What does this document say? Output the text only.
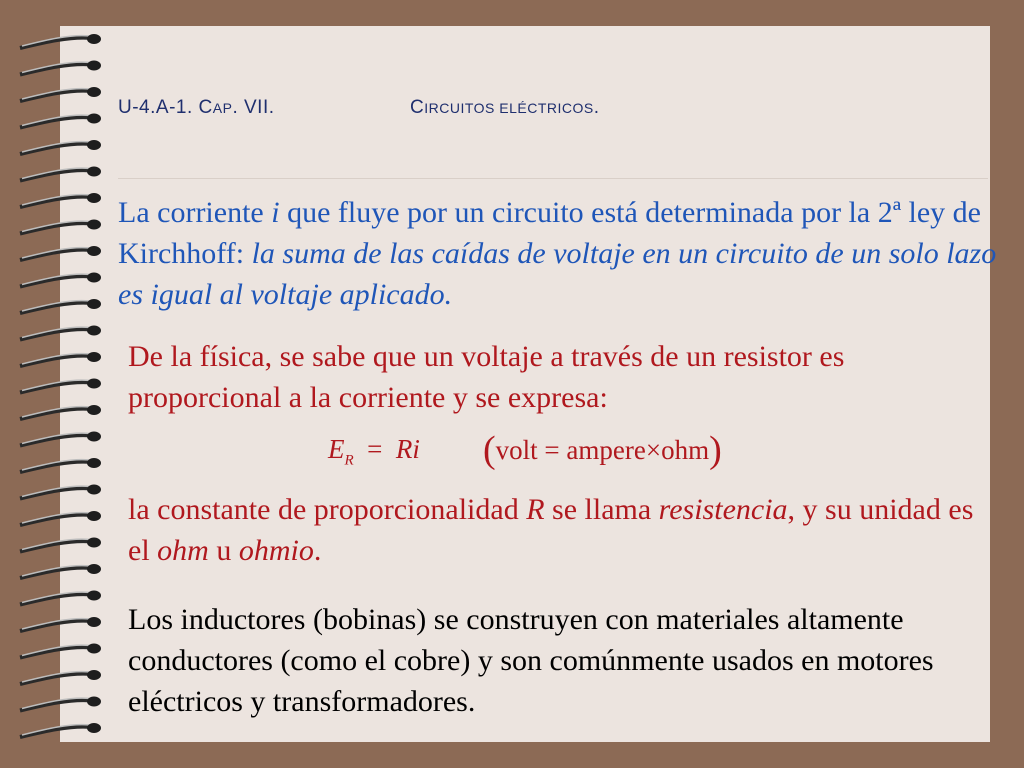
U-4.A-1. CAP. VII.	CIRCUITOS ELÉCTRICOS.

La corriente i que fluye por un circuito está determinada por la 2ª ley de Kirchhoff: la suma de las caídas de voltaje en un circuito de un solo lazo es igual al voltaje aplicado.

De la física, se sabe que un voltaje a través de un resistor es proporcional a la corriente y se expresa:

$E_R = Ri$ (volt = ampere×ohm)

la constante de proporcionalidad R se llama resistencia, y su unidad es el ohm u ohmio.

Los inductores (bobinas) se construyen con materiales altamente conductores (como el cobre) y son comúnmente usados en motores eléctricos y transformadores.
